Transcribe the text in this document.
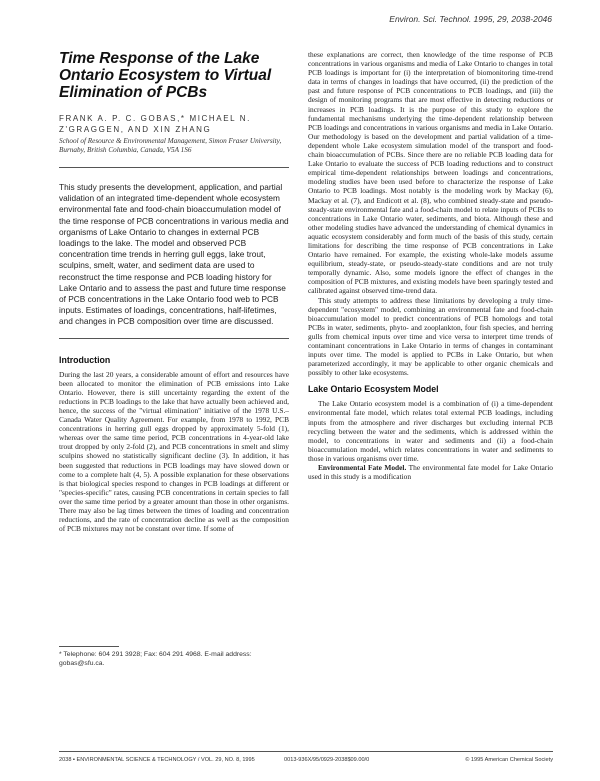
Environ. Sci. Technol. 1995, 29, 2038-2046
Time Response of the Lake Ontario Ecosystem to Virtual Elimination of PCBs
FRANK A. P. C. GOBAS,* MICHAEL N. Z'GRAGGEN, AND XIN ZHANG
School of Resource & Environmental Management, Simon Fraser University, Burnaby, British Columbia, Canada, V5A 1S6
This study presents the development, application, and partial validation of an integrated time-dependent whole ecosystem environmental fate and food-chain bioaccumulation model of the time response of PCB concentrations in various media and organisms of Lake Ontario to changes in external PCB loadings to the lake. The model and observed PCB concentration time trends in herring gull eggs, lake trout, sculpins, smelt, water, and sediment data are used to reconstruct the time response and PCB loading history for Lake Ontario and to assess the past and future time response of PCB concentrations in the Lake Ontario food web to PCB inputs. Estimates of loadings, concentrations, half-lifetimes, and changes in PCB composition over time are discussed.
Introduction

During the last 20 years, a considerable amount of effort and resources have been allocated to monitor the elimination of PCB emissions into Lake Ontario. However, there is still uncertainty regarding the extent of the reductions in PCB loadings to the lake that have actually been achieved and, hence, the success of the "virtual elimination" initiative of the 1978 U.S.–Canada Water Quality Agreement. For example, from 1978 to 1992, PCB concentrations in herring gull eggs dropped by approximately 5-fold (1), whereas over the same time period, PCB concentrations in 4-year-old lake trout dropped by only 2-fold (2), and PCB concentrations in smelt and slimy sculpins showed no statistically significant decline (3). In addition, it has been suggested that reductions in PCB loadings may have slowed down or come to a complete halt (4, 5). A possible explanation for these observations is that biological species respond to changes in PCB loadings at different or "species-specific" rates, causing PCB concentrations in certain species to fall over the same time period by a greater amount than those in other organisms. There may also be lag times between the times of loading and concentration reductions, and the rate of concentration decline as well as the composition of PCB mixtures may not be constant over time. If some of

* Telephone: 604 291 3928; Fax: 604 291 4968. E-mail address: gobas@sfu.ca.

these explanations are correct, then knowledge of the time response of PCB concentrations in various organisms and media of Lake Ontario to changes in total PCB loadings is important for (i) the interpretation of biomonitoring time-trend data in terms of changes in loadings that have occurred, (ii) the prediction of the past and future response of PCB concentrations to PCB loadings, and (iii) the design of monitoring programs that are most effective in detecting reductions or increases in PCB loadings. It is the purpose of this study to explore the fundamental mechanisms underlying the time-dependent relationship between PCB loadings and concentrations in various organisms and media in Lake Ontario. Our methodology is based on the development and partial validation of a time-dependent whole Lake ecosystem simulation model of the transport and food-chain bioaccumulation of PCBs. Since there are no reliable PCB loading data for Lake Ontario to evaluate the success of PCB loading reductions and to construct empirical time-dependent relationships between loadings and concentrations, modeling studies have been used before to characterize the response of Lake Ontario to PCB loadings. Most notably is the modeling work by Mackay (6), Mackay et al. (7), and Endicott et al. (8), who combined steady-state and pseudo-steady-state environmental fate and a food-chain model to relate inputs of PCBs to concentrations in Lake Ontario water, sediments, and biota. Although these and other modeling studies have advanced the understanding of chemical dynamics in aquatic ecosystem considerably and form much of the basis of this study, certain limitations for describing the time response of PCB concentrations in Lake Ontario have remained. For example, the existing whole-lake models assume equilibrium, steady-state, or pseudo-steady-state conditions and are not truly temporally dynamic. Also, some models ignore the effect of changes in the composition of PCB mixtures, and existing models have been sparingly tested and calibrated against observed time-trend data.

This study attempts to address these limitations by developing a truly time-dependent "ecosystem" model, combining an environmental fate and food-chain bioaccumulation model to predict concentrations of PCB homologs and total PCBs in water, sediments, phyto- and zooplankton, four fish species, and herring gulls from chemical inputs over time and vice versa to interpret time trends of contaminant concentrations in Lake Ontario in terms of changes in contaminant inputs over time. The model is applied to PCBs in Lake Ontario, but when parameterized accordingly, it may be applicable to other organic chemicals and possibly to other lake ecosystems.

Lake Ontario Ecosystem Model

The Lake Ontario ecosystem model is a combination of (i) a time-dependent environmental fate model, which relates total external PCB loadings, including inputs from the atmosphere and river discharges but excluding internal PCB recycling between the water and the sediments, which is addressed within the model, to concentrations in water and sediments and (ii) a food-chain bioaccumulation model, which relates concentrations in water and sediments to those in various organisms over time.

Environmental Fate Model. The environmental fate model for Lake Ontario used in this study is a modification

2038 ▪ ENVIRONMENTAL SCIENCE & TECHNOLOGY / VOL. 29, NO. 8, 1995	0013-936X/95/0929-2038$09.00/0	© 1995 American Chemical Society
